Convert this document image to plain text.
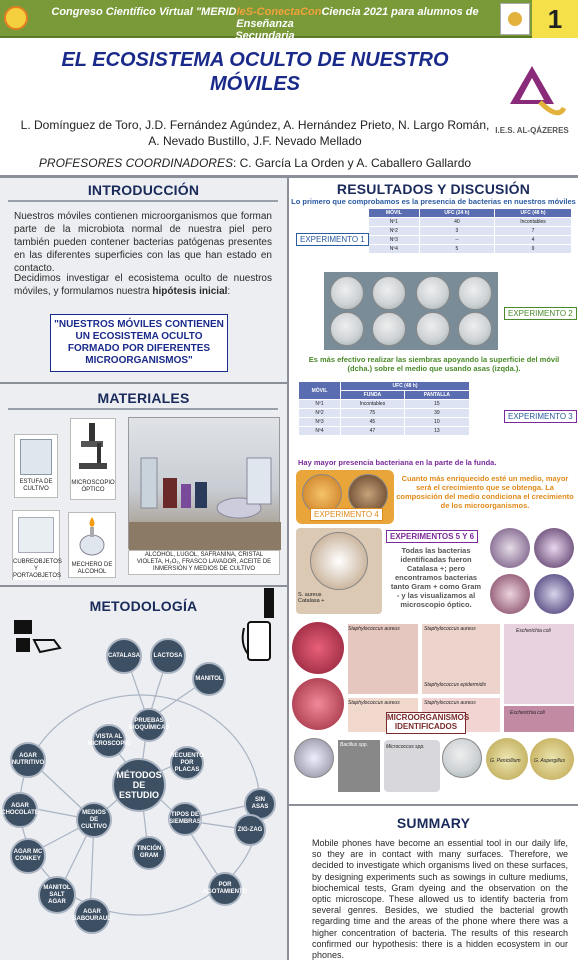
Congreso Científico Virtual "MERIDIeS-ConectaConCiencia 2021 para alumnos de Enseñanza
Secundaria
1
EL ECOSISTEMA OCULTO DE NUESTRO MÓVILES
L. Domínguez de Toro, J.D. Fernández Agúndez, A. Hernández Prieto, N. Largo Román,
A. Nevado Bustillo, J.F. Nevado Mellado
PROFESORES COORDINADORES: C. García La Orden y A. Caballero Gallardo
I.E.S. AL-QÁZERES
INTRODUCCIÓN
Nuestros móviles contienen microorganismos que forman parte de la microbiota normal de nuestra piel pero también pueden contener bacterias patógenas presentes en las diferentes superficies con las que han estado en contacto.
Decidimos investigar el ecosistema oculto de nuestros móviles, y formulamos nuestra hipótesis inicial:
"NUESTROS MÓVILES CONTIENEN UN ECOSISTEMA OCULTO FORMADO POR DIFERENTES MICROORGANISMOS"
MATERIALES
ESTUFA DE CULTIVO
MICROSCOPIO ÓPTICO
CUBREOBJETOS Y PORTAOBJETOS
MECHERO DE ALCOHOL
ALCOHOL, LUGOL, SAFRANINA, CRISTAL VIOLETA, H₂O₂, FRASCO LAVADOR, ACEITE DE INMERSIÓN Y MEDIOS DE CULTIVO
METODOLOGÍA
CATALASA	LACTOSA
MANITOL
PRUEBAS BIOQUÍMICAS
VISTA AL MICROSCOPIO
RECUENTO POR PLACAS
MÉTODOS DE ESTUDIO
TIPOS DE SIEMBRAS
TINCIÓN GRAM
MEDIOS DE CULTIVO
SIN ASAS
ZIG-ZAG
POR AGOTAMIENTO
AGAR NUTRITIVO
AGAR CHOCOLATE
AGAR MC CONKEY
MANITOL SALT AGAR
AGAR SABOURAUD
RESULTADOS Y DISCUSIÓN
Lo primero que comprobamos es la presencia de bacterias en nuestros móviles
MÓVIL	UFC (24 h)	UFC (48 h)
Nº1	40	Incontables
Nº2	3	7
Nº3	--	4
Nº4	5	9
EXPERIMENTO 1
EXPERIMENTO 2
Es más efectivo realizar las siembras apoyando la superficie del móvil (dcha.) sobre el medio que usando asas (izqda.).
MÓVIL	UFC (48 h)	
	FUNDA	PANTALLA
Nº1	Incontables	15
Nº2	75	39
Nº3	45	10
Nº4	47	13
EXPERIMENTO 3
Hay mayor presencia bacteriana en la parte de la funda.
EXPERIMENTO 4
Cuanto más enriquecido esté un medio, mayor será el crecimiento que se obtenga. La composición del medio condiciona el crecimiento de los microorganismos.
S. aureus Catalasa +
EXPERIMENTOS 5 Y 6
Todas las bacterias identificadas fueron Catalasa +; pero encontramos bacterias tanto Gram + como Gram - y las visualizamos al microscopio óptico.
Staphylococcus aureus	Staphylococcus aureus
Staphylococcus epidermidis
Escherichia coli
Staphylococcus aureus	Staphylococcus aureus
Escherichia coli
MICROORGANISMOS IDENTIFICADOS
Bacillus spp.	Micrococcus spp.
G. Penicillium	G. Aspergillus
SUMMARY
Mobile phones have become an essential tool in our daily life, so they are in contact with many surfaces. Therefore, we decided to investigate which organisms lived on these surfaces, by designing experiments such as sowings in culture mediums, biochemical tests, Gram dyeing and the observation on the optic microscope. These allowed us to identify bacteria from several genres. Besides, we studied the bacterial growth regarding time and the areas of the phone where there was a higher concentration of bacteria. The results of this research confirmed our hypothesis: there is a hidden ecosystem in our phones.
